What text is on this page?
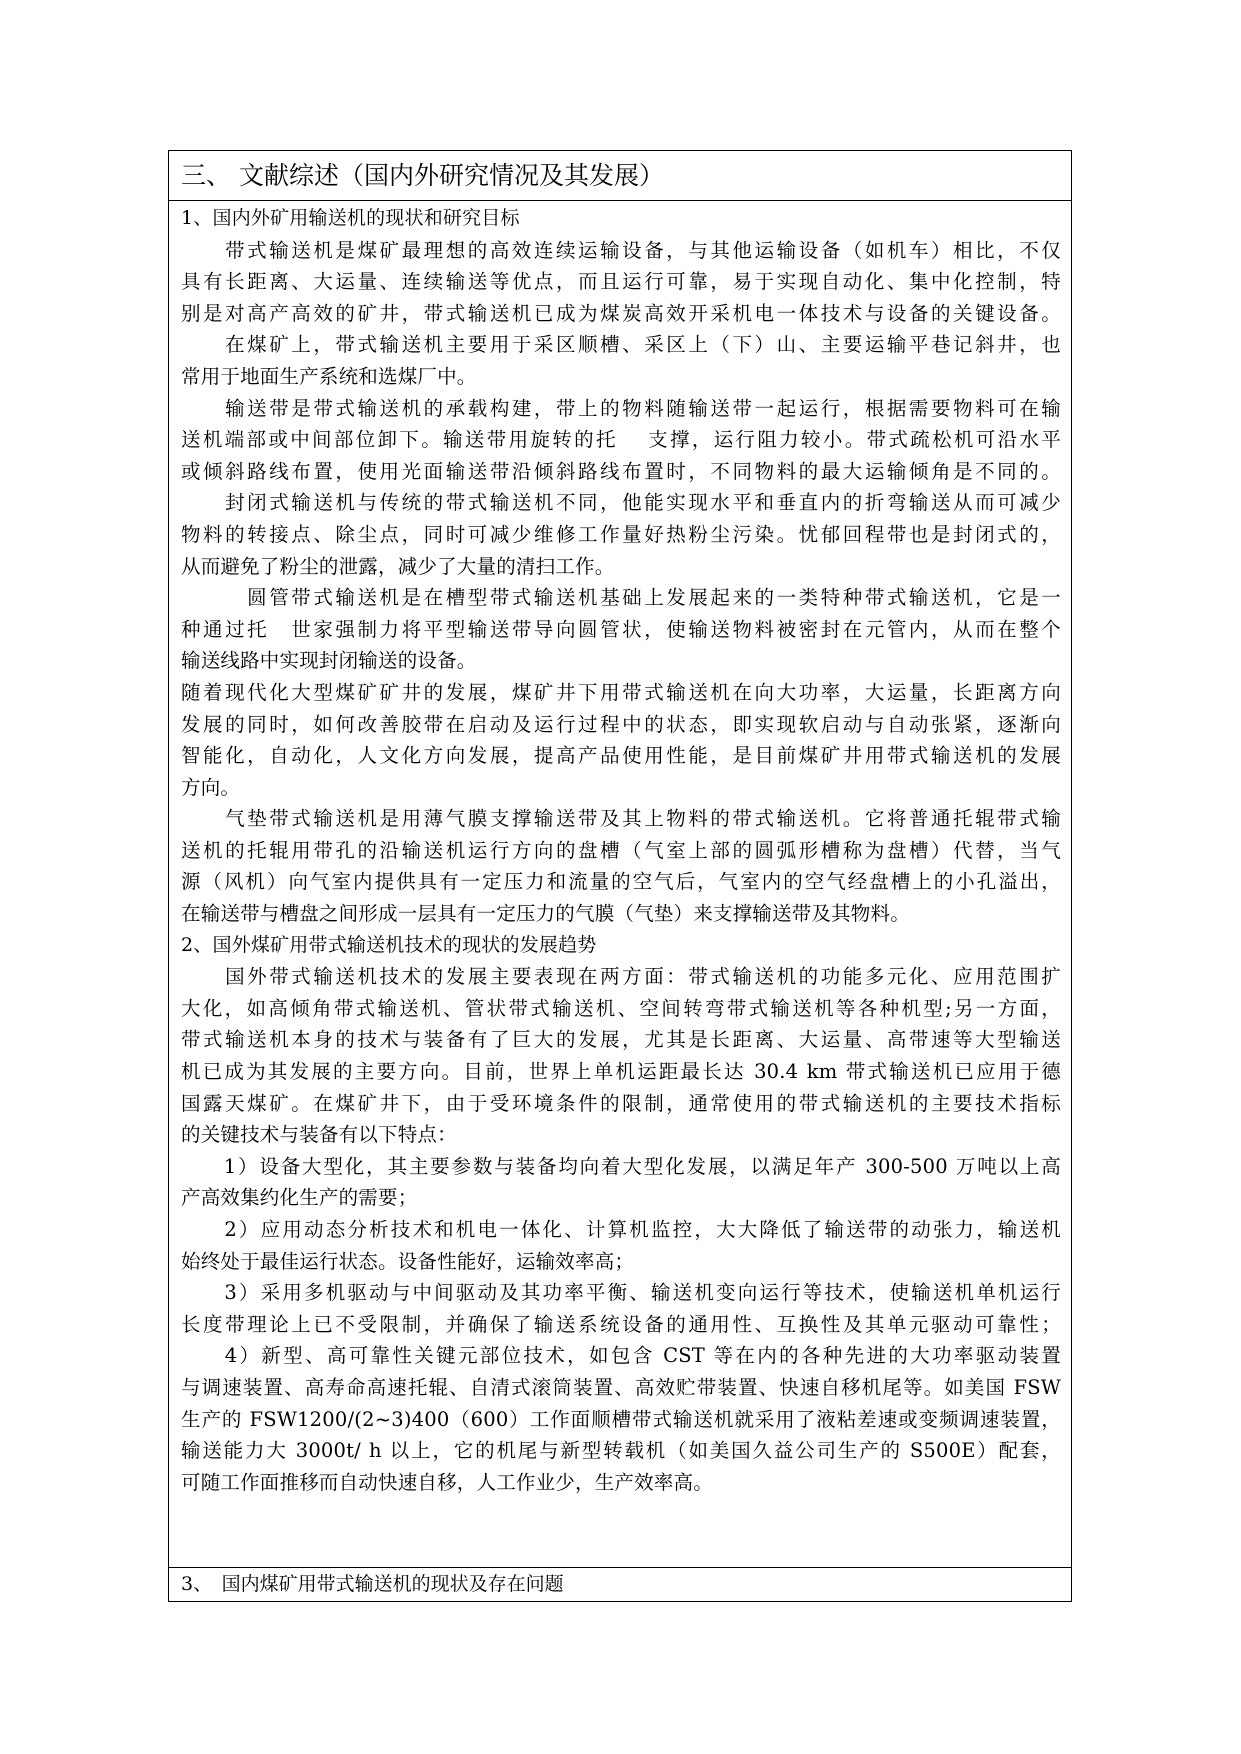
三、 文献综述（国内外研究情况及其发展）
1、国内外矿用输送机的现状和研究目标
　　带式输送机是煤矿最理想的高效连续运输设备，与其他运输设备（如机车）相比，不仅
具有长距离、大运量、连续输送等优点，而且运行可靠，易于实现自动化、集中化控制，特
别是对高产高效的矿井，带式输送机已成为煤炭高效开采机电一体技术与设备的关键设备。
　　在煤矿上，带式输送机主要用于采区顺槽、采区上（下）山、主要运输平巷记斜井，也
常用于地面生产系统和选煤厂中。
　　输送带是带式输送机的承载构建，带上的物料随输送带一起运行，根据需要物料可在输
送机端部或中间部位卸下。输送带用旋转的托　 支撑，运行阻力较小。带式疏松机可沿水平
或倾斜路线布置，使用光面输送带沿倾斜路线布置时，不同物料的最大运输倾角是不同的。
　　封闭式输送机与传统的带式输送机不同，他能实现水平和垂直内的折弯输送从而可减少
物料的转接点、除尘点，同时可减少维修工作量好热粉尘污染。忧郁回程带也是封闭式的，
从而避免了粉尘的泄露，减少了大量的清扫工作。
　　　圆管带式输送机是在槽型带式输送机基础上发展起来的一类特种带式输送机，它是一
种通过托　世家强制力将平型输送带导向圆管状，使输送物料被密封在元管内，从而在整个
输送线路中实现封闭输送的设备。
随着现代化大型煤矿矿井的发展，煤矿井下用带式输送机在向大功率，大运量，长距离方向
发展的同时，如何改善胶带在启动及运行过程中的状态，即实现软启动与自动张紧，逐渐向
智能化，自动化，人文化方向发展，提高产品使用性能，是目前煤矿井用带式输送机的发展
方向。
　　气垫带式输送机是用薄气膜支撑输送带及其上物料的带式输送机。它将普通托辊带式输
送机的托辊用带孔的沿输送机运行方向的盘槽（气室上部的圆弧形槽称为盘槽）代替，当气
源（风机）向气室内提供具有一定压力和流量的空气后，气室内的空气经盘槽上的小孔溢出，
在输送带与槽盘之间形成一层具有一定压力的气膜（气垫）来支撑输送带及其物料。
2、国外煤矿用带式输送机技术的现状的发展趋势
　　国外带式输送机技术的发展主要表现在两方面：带式输送机的功能多元化、应用范围扩
大化，如高倾角带式输送机、管状带式输送机、空间转弯带式输送机等各种机型;另一方面，
带式输送机本身的技术与装备有了巨大的发展，尤其是长距离、大运量、高带速等大型输送
机已成为其发展的主要方向。目前，世界上单机运距最长达 30.4 km 带式输送机已应用于德
国露天煤矿。在煤矿井下，由于受环境条件的限制，通常使用的带式输送机的主要技术指标
的关键技术与装备有以下特点：
　　1）设备大型化，其主要参数与装备均向着大型化发展，以满足年产 300-500 万吨以上高
产高效集约化生产的需要；
　　2）应用动态分析技术和机电一体化、计算机监控，大大降低了输送带的动张力，输送机
始终处于最佳运行状态。设备性能好，运输效率高；
　　3）采用多机驱动与中间驱动及其功率平衡、输送机变向运行等技术，使输送机单机运行
长度带理论上已不受限制，并确保了输送系统设备的通用性、互换性及其单元驱动可靠性；
　　4）新型、高可靠性关键元部位技术，如包含 CST 等在内的各种先进的大功率驱动装置
与调速装置、高寿命高速托辊、自清式滚筒装置、高效贮带装置、快速自移机尾等。如美国 FSW
生产的 FSW1200/(2~3)400（600）工作面顺槽带式输送机就采用了液粘差速或变频调速装置，
输送能力大 3000t/ h 以上，它的机尾与新型转载机（如美国久益公司生产的 S500E）配套，
可随工作面推移而自动快速自移，人工作业少，生产效率高。
3、　国内煤矿用带式输送机的现状及存在问题
